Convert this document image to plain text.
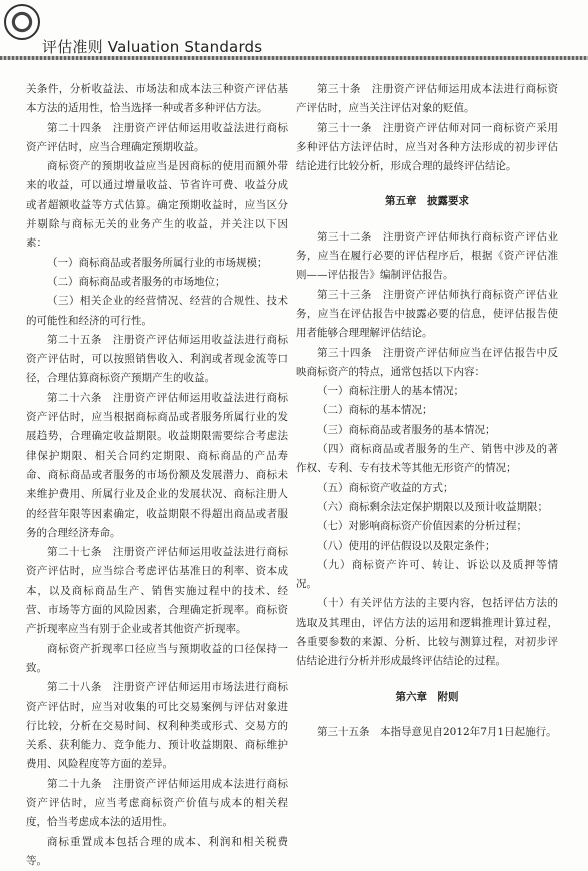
评估准则 Valuation Standards

关条件，分析收益法、市场法和成本法三种资产评估基本方法的适用性，恰当选择一种或者多种评估方法。

第二十四条　注册资产评估师运用收益法进行商标资产评估时，应当合理确定预期收益。

商标资产的预期收益应当是因商标的使用而额外带来的收益，可以通过增量收益、节省许可费、收益分成或者超额收益等方式估算。确定预期收益时，应当区分并剔除与商标无关的业务产生的收益，并关注以下因素：

（一）商标商品或者服务所属行业的市场规模；

（二）商标商品或者服务的市场地位；

（三）相关企业的经营情况、经营的合规性、技术的可能性和经济的可行性。

第二十五条　注册资产评估师运用收益法进行商标资产评估时，可以按照销售收入、利润或者现金流等口径，合理估算商标资产预期产生的收益。

第二十六条　注册资产评估师运用收益法进行商标资产评估时，应当根据商标商品或者服务所属行业的发展趋势，合理确定收益期限。收益期限需要综合考虑法律保护期限、相关合同约定期限、商标商品的产品寿命、商标商品或者服务的市场份额及发展潜力、商标未来维护费用、所属行业及企业的发展状况、商标注册人的经营年限等因素确定，收益期限不得超出商品或者服务的合理经济寿命。

第二十七条　注册资产评估师运用收益法进行商标资产评估时，应当综合考虑评估基准日的利率、资本成本，以及商标商品生产、销售实施过程中的技术、经营、市场等方面的风险因素，合理确定折现率。商标资产折现率应当有别于企业或者其他资产折现率。

商标资产折现率口径应当与预期收益的口径保持一致。

第二十八条　注册资产评估师运用市场法进行商标资产评估时，应当对收集的可比交易案例与评估对象进行比较，分析在交易时间、权利种类或形式、交易方的关系、获利能力、竞争能力、预计收益期限、商标维护费用、风险程度等方面的差异。

第二十九条　注册资产评估师运用成本法进行商标资产评估时，应当考虑商标资产价值与成本的相关程度，恰当考虑成本法的适用性。

商标重置成本包括合理的成本、利润和相关税费等。

第三十条　注册资产评估师运用成本法进行商标资产评估时，应当关注评估对象的贬值。

第三十一条　注册资产评估师对同一商标资产采用多种评估方法评估时，应当对各种方法形成的初步评估结论进行比较分析，形成合理的最终评估结论。

第五章　披露要求

第三十二条　注册资产评估师执行商标资产评估业务，应当在履行必要的评估程序后，根据《资产评估准则——评估报告》编制评估报告。

第三十三条　注册资产评估师执行商标资产评估业务，应当在评估报告中披露必要的信息，使评估报告使用者能够合理理解评估结论。

第三十四条　注册资产评估师应当在评估报告中反映商标资产的特点，通常包括以下内容：

（一）商标注册人的基本情况；

（二）商标的基本情况；

（三）商标商品或者服务的基本情况；

（四）商标商品或者服务的生产、销售中涉及的著作权、专利、专有技术等其他无形资产的情况；

（五）商标资产收益的方式；

（六）商标剩余法定保护期限以及预计收益期限；

（七）对影响商标资产价值因素的分析过程；

（八）使用的评估假设以及限定条件；

（九）商标资产许可、转让、诉讼以及质押等情况。

（十）有关评估方法的主要内容，包括评估方法的选取及其理由，评估方法的运用和逻辑推理计算过程，各重要参数的来源、分析、比较与测算过程，对初步评估结论进行分析并形成最终评估结论的过程。

第六章　附则

第三十五条　本指导意见自2012年7月1日起施行。
